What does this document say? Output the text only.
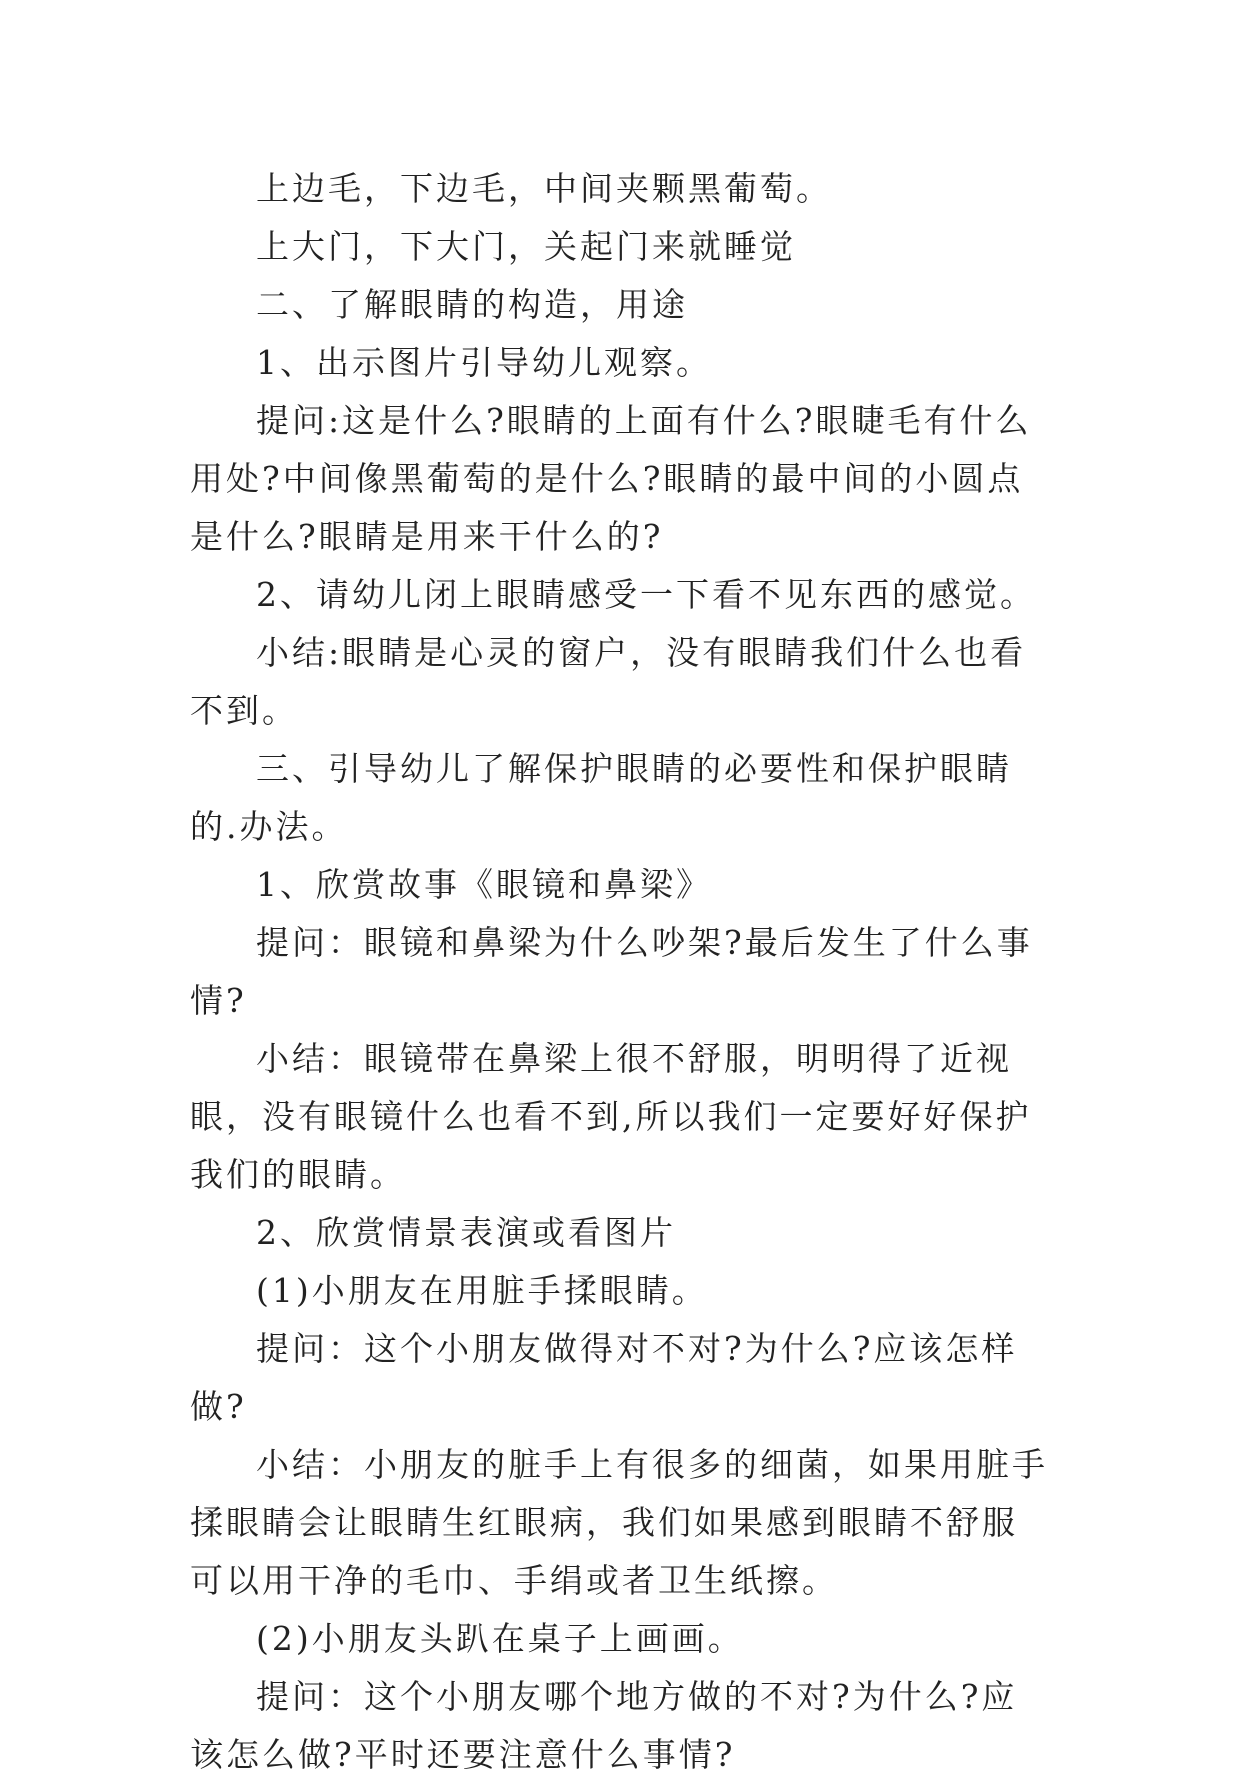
上边毛，下边毛，中间夹颗黑葡萄。

上大门，下大门，关起门来就睡觉

二、了解眼睛的构造，用途

1、出示图片引导幼儿观察。

提问:这是什么?眼睛的上面有什么?眼睫毛有什么用处?中间像黑葡萄的是什么?眼睛的最中间的小圆点是什么?眼睛是用来干什么的?

2、请幼儿闭上眼睛感受一下看不见东西的感觉。

小结:眼睛是心灵的窗户，没有眼睛我们什么也看不到。

三、引导幼儿了解保护眼睛的必要性和保护眼睛的.办法。

1、欣赏故事《眼镜和鼻梁》

提问：眼镜和鼻梁为什么吵架?最后发生了什么事情?

小结：眼镜带在鼻梁上很不舒服，明明得了近视眼，没有眼镜什么也看不到,所以我们一定要好好保护我们的眼睛。

2、欣赏情景表演或看图片

(1)小朋友在用脏手揉眼睛。

提问：这个小朋友做得对不对?为什么?应该怎样做?

小结：小朋友的脏手上有很多的细菌，如果用脏手揉眼睛会让眼睛生红眼病，我们如果感到眼睛不舒服可以用干净的毛巾、手绢或者卫生纸擦。

(2)小朋友头趴在桌子上画画。

提问：这个小朋友哪个地方做的不对?为什么?应该怎么做?平时还要注意什么事情?
